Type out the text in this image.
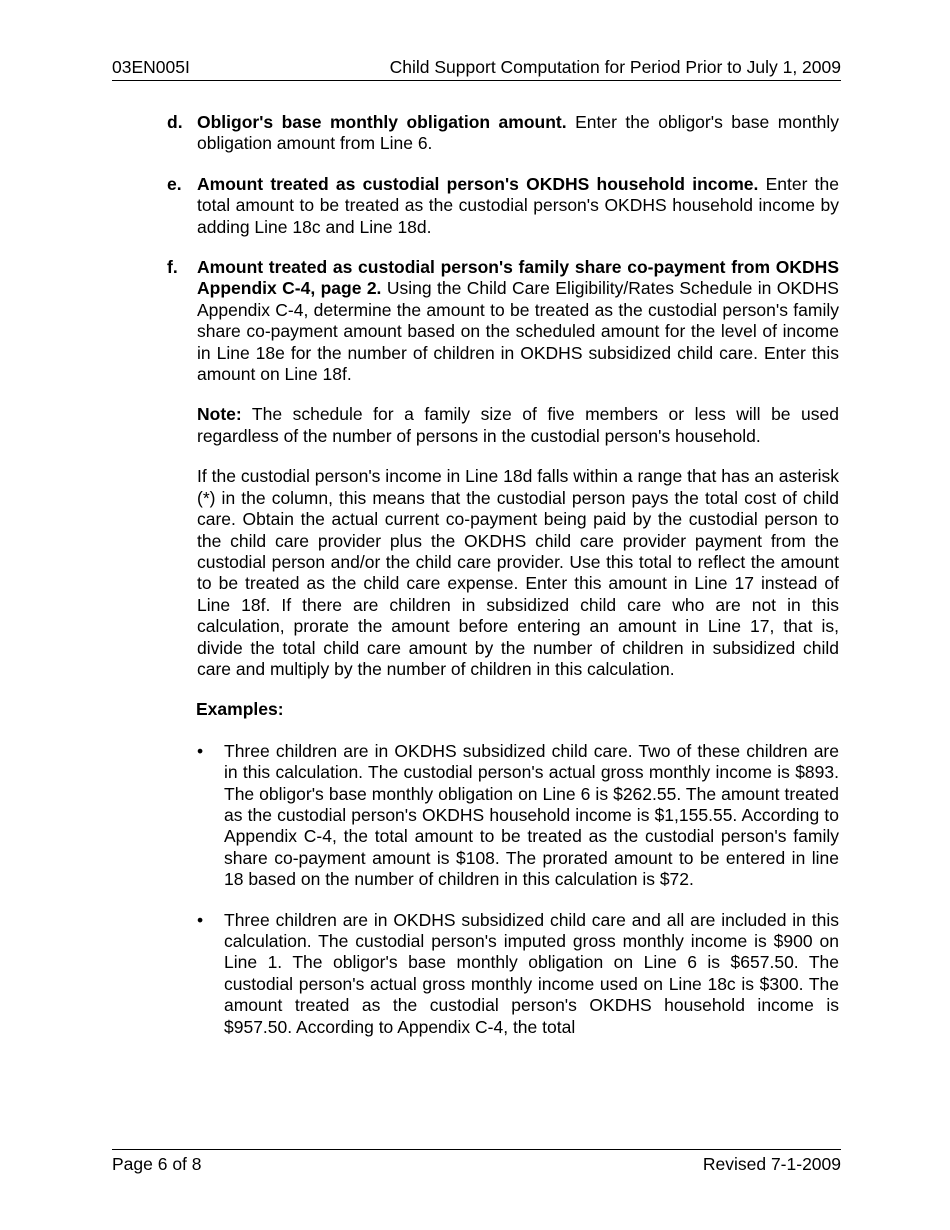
03EN005I	Child Support Computation for Period Prior to July 1, 2009
d. Obligor's base monthly obligation amount. Enter the obligor's base monthly obligation amount from Line 6.
e. Amount treated as custodial person's OKDHS household income. Enter the total amount to be treated as the custodial person's OKDHS household income by adding Line 18c and Line 18d.
f. Amount treated as custodial person's family share co-payment from OKDHS Appendix C-4, page 2. Using the Child Care Eligibility/Rates Schedule in OKDHS Appendix C-4, determine the amount to be treated as the custodial person's family share co-payment amount based on the scheduled amount for the level of income in Line 18e for the number of children in OKDHS subsidized child care. Enter this amount on Line 18f.

Note: The schedule for a family size of five members or less will be used regardless of the number of persons in the custodial person's household.

If the custodial person's income in Line 18d falls within a range that has an asterisk (*) in the column, this means that the custodial person pays the total cost of child care. Obtain the actual current co-payment being paid by the custodial person to the child care provider plus the OKDHS child care provider payment from the custodial person and/or the child care provider. Use this total to reflect the amount to be treated as the child care expense. Enter this amount in Line 17 instead of Line 18f. If there are children in subsidized child care who are not in this calculation, prorate the amount before entering an amount in Line 17, that is, divide the total child care amount by the number of children in subsidized child care and multiply by the number of children in this calculation.

Examples:
• Three children are in OKDHS subsidized child care. Two of these children are in this calculation. The custodial person's actual gross monthly income is $893. The obligor's base monthly obligation on Line 6 is $262.55. The amount treated as the custodial person's OKDHS household income is $1,155.55. According to Appendix C-4, the total amount to be treated as the custodial person's family share co-payment amount is $108. The prorated amount to be entered in line 18 based on the number of children in this calculation is $72.
• Three children are in OKDHS subsidized child care and all are included in this calculation. The custodial person's imputed gross monthly income is $900 on Line 1. The obligor's base monthly obligation on Line 6 is $657.50. The custodial person's actual gross monthly income used on Line 18c is $300. The amount treated as the custodial person's OKDHS household income is $957.50. According to Appendix C-4, the total
Page 6 of 8	Revised 7-1-2009
